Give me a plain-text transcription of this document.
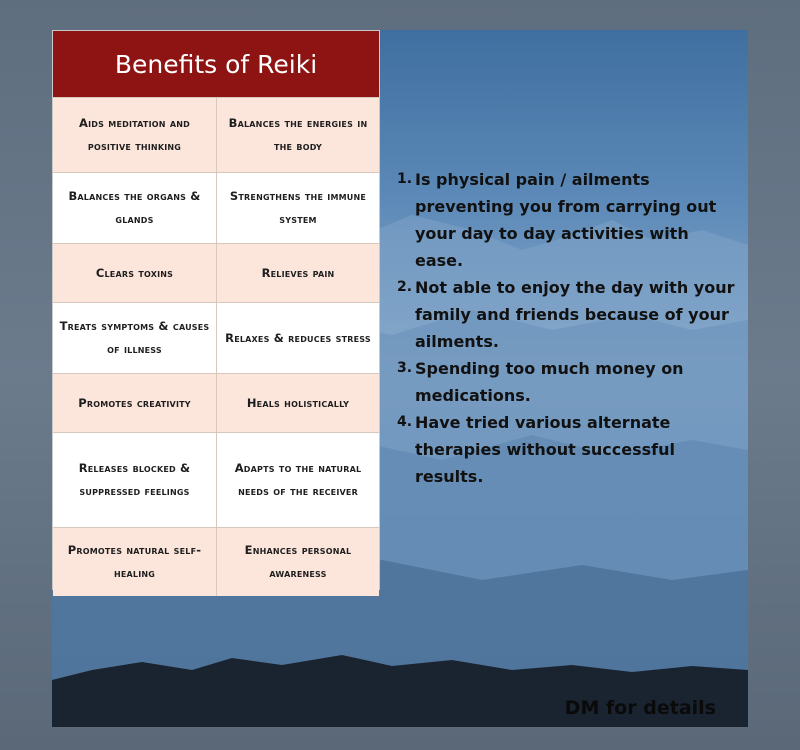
Benefits of Reiki
Aids meditation and positive thinking
Balances the energies in the body
Balances the organs & glands
Strengthens the immune system
Clears toxins	Relieves pain
Treats symptoms & causes of illness
Relaxes & reduces stress
Promotes creativity	Heals holistically
Releases blocked & suppressed feelings
Adapts to the natural needs of the receiver
Promotes natural self-healing
Enhances personal awareness
1. Is physical pain / ailments preventing you from carrying out your day to day activities with ease.
2. Not able to enjoy the day with your family and friends because of your ailments.
3. Spending too much money on medications.
4. Have tried various alternate therapies without successful results.
DM for details
